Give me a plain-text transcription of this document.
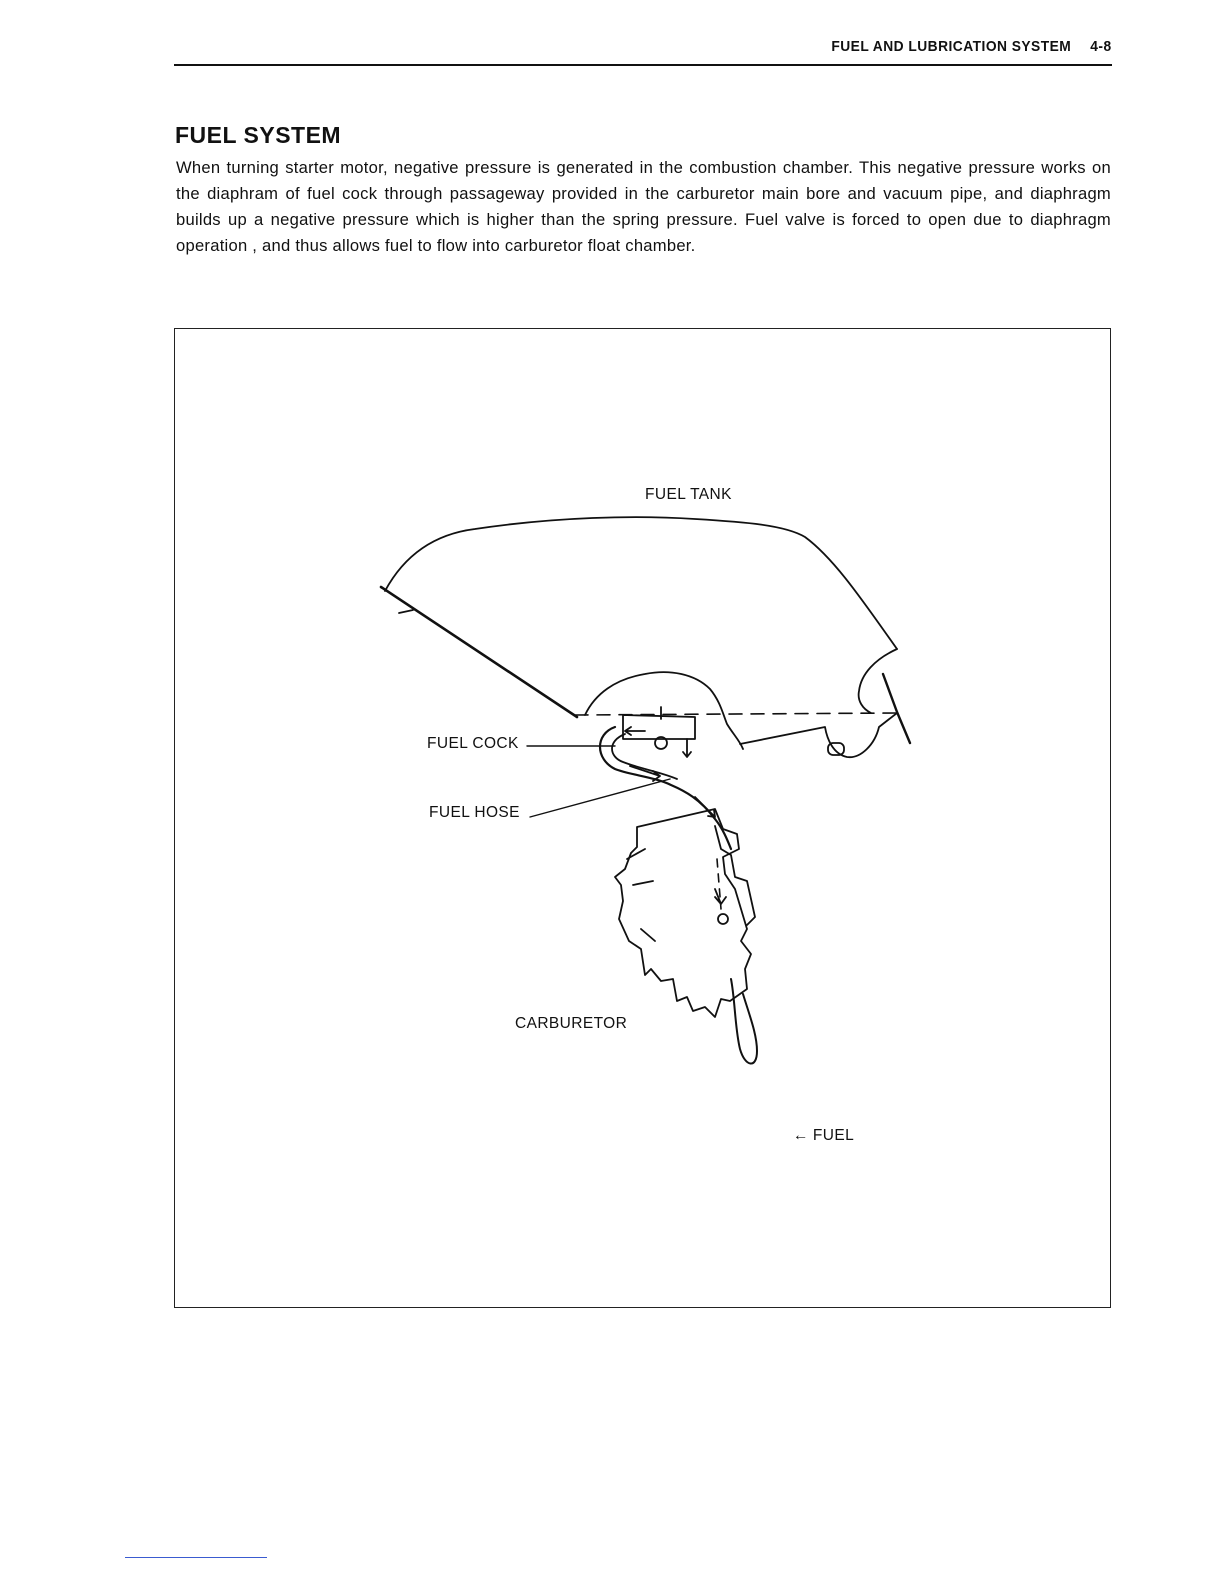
FUEL AND LUBRICATION SYSTEM 4-8
FUEL SYSTEM

When turning starter motor, negative pressure is generated in the combustion chamber. This negative pressure works on the diaphram of fuel cock through passageway provided in the carburetor main bore and vacuum pipe, and diaphragm builds up a negative pressure which is higher than the spring pressure. Fuel valve is forced to open due to diaphragm operation , and thus allows fuel to flow into carburetor float chamber.

FUEL TANK
FUEL COCK
FUEL HOSE
CARBURETOR
← FUEL
